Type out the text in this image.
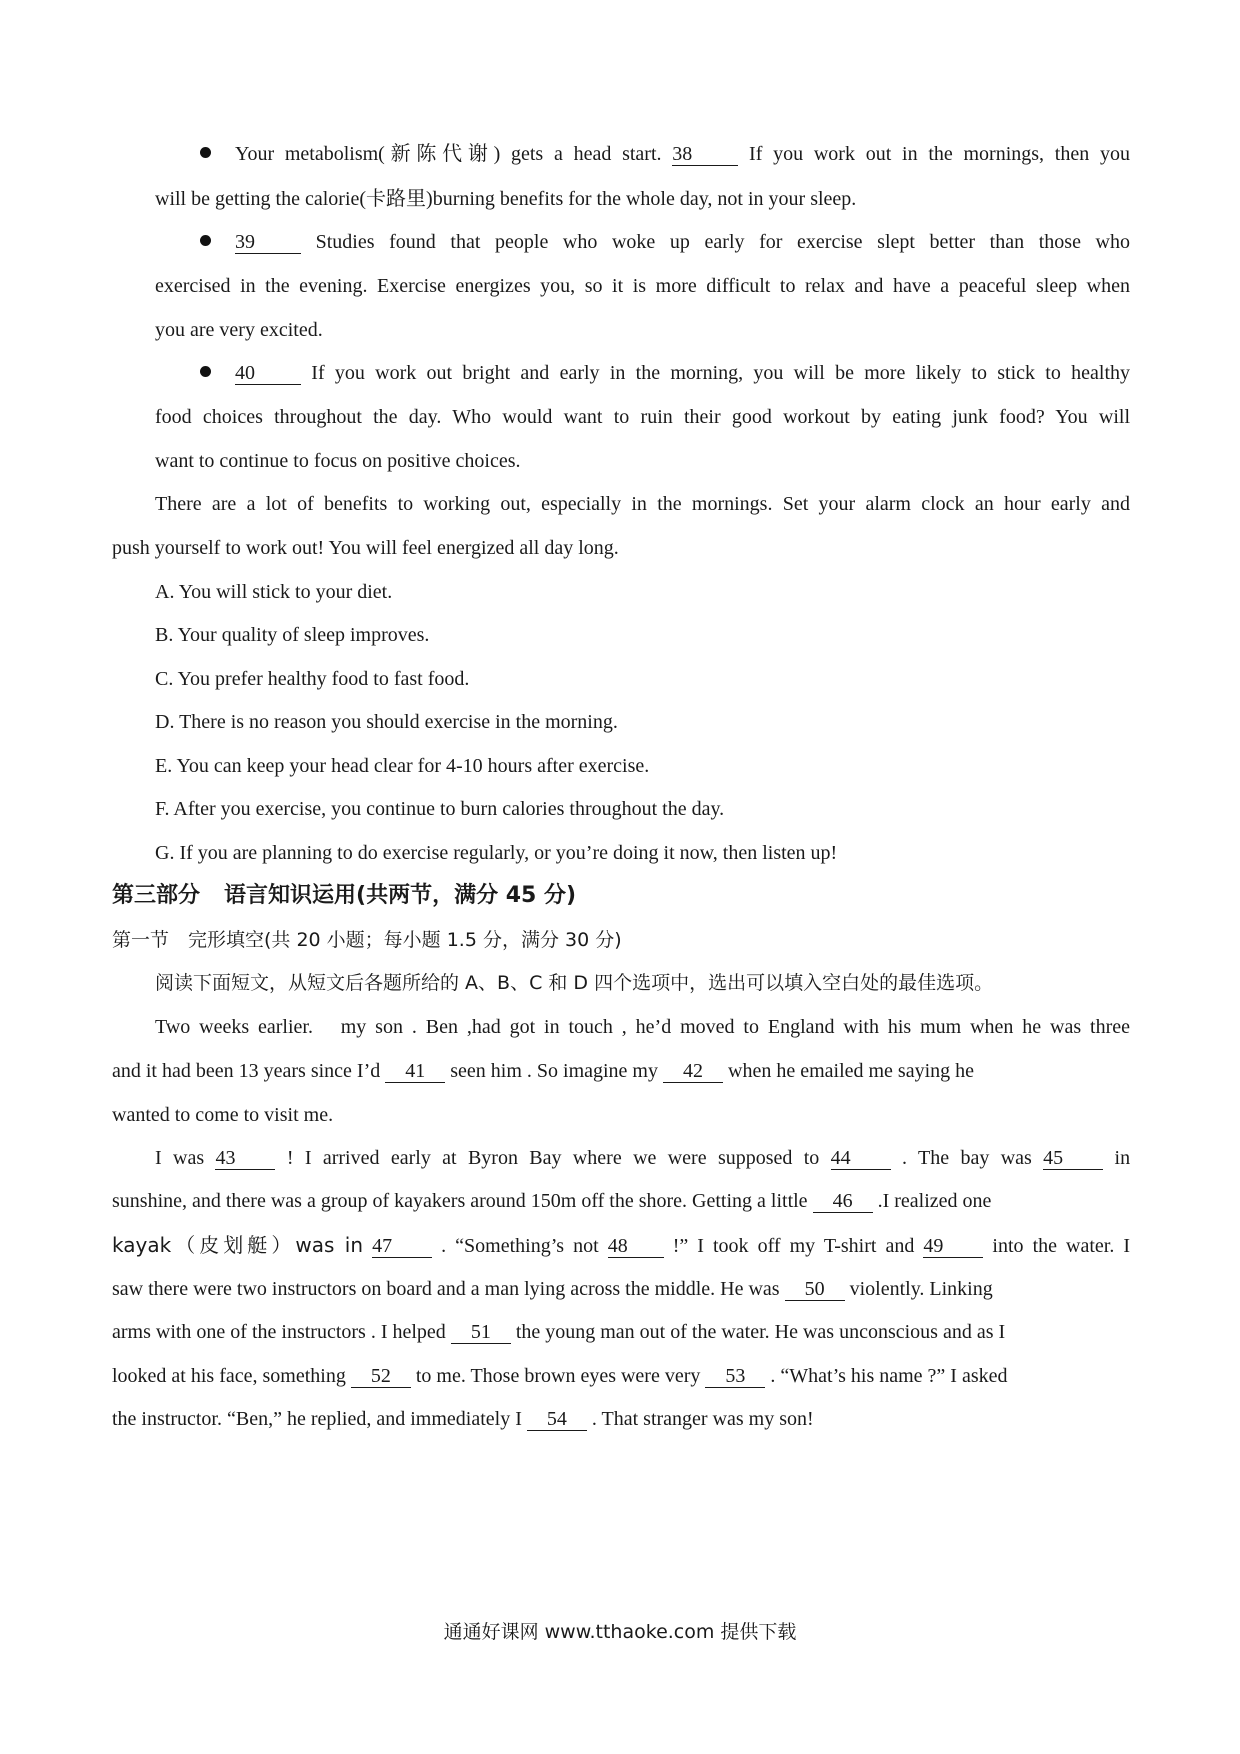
Your metabolism(新陈代谢) gets a head start. 38	If you work out in the mornings, then you
will be getting the calorie(卡路里)burning benefits for the whole day, not in your sleep.
39	Studies found that people who woke up early for exercise slept better than those who
exercised in the evening. Exercise energizes you, so it is more difficult to relax and have a peaceful sleep when
you are very excited.
40	If you work out bright and early in the morning, you will be more likely to stick to healthy
food choices throughout the day. Who would want to ruin their good workout by eating junk food? You will
want to continue to focus on positive choices.
There are a lot of benefits to working out, especially in the mornings. Set your alarm clock an hour early and
push yourself to work out! You will feel energized all day long.
A. You will stick to your diet.
B. Your quality of sleep improves.
C. You prefer healthy food to fast food.
D. There is no reason you should exercise in the morning.
E. You can keep your head clear for 4-10 hours after exercise.
F. After you exercise, you continue to burn calories throughout the day.
G. If you are planning to do exercise regularly, or you’re doing it now, then listen up!
第三部分 语言知识运用(共两节，满分 45 分)
第一节　完形填空(共 20 小题；每小题 1.5 分，满分 30 分)
阅读下面短文，从短文后各题所给的 A、B、C 和 D 四个选项中，选出可以填入空白处的最佳选项。
Two weeks earlier.　my son . Ben ,had got in touch , he’d moved to England with his mum when he was three
and it had been 13 years since I’d 41 seen him . So imagine my 42 when he emailed me saying he
wanted to come to visit me.
I was 43	! I arrived early at Byron Bay where we were supposed to 44	. The bay was 45	in
sunshine, and there was a group of kayakers around 150m off the shore. Getting a little 46 .I realized one
kayak（皮划艇）was in 47 . “Something’s not 48 !” I took off my T-shirt and 49 into the water. I
saw there were two instructors on board and a man lying across the middle. He was 50 violently. Linking
arms with one of the instructors . I helped 51 the young man out of the water. He was unconscious and as I
looked at his face, something 52 to me. Those brown eyes were very 53 . “What’s his name ?” I asked
the instructor. “Ben,” he replied, and immediately I 54 . That stranger was my son!
通通好课网 www.tthaoke.com 提供下载
